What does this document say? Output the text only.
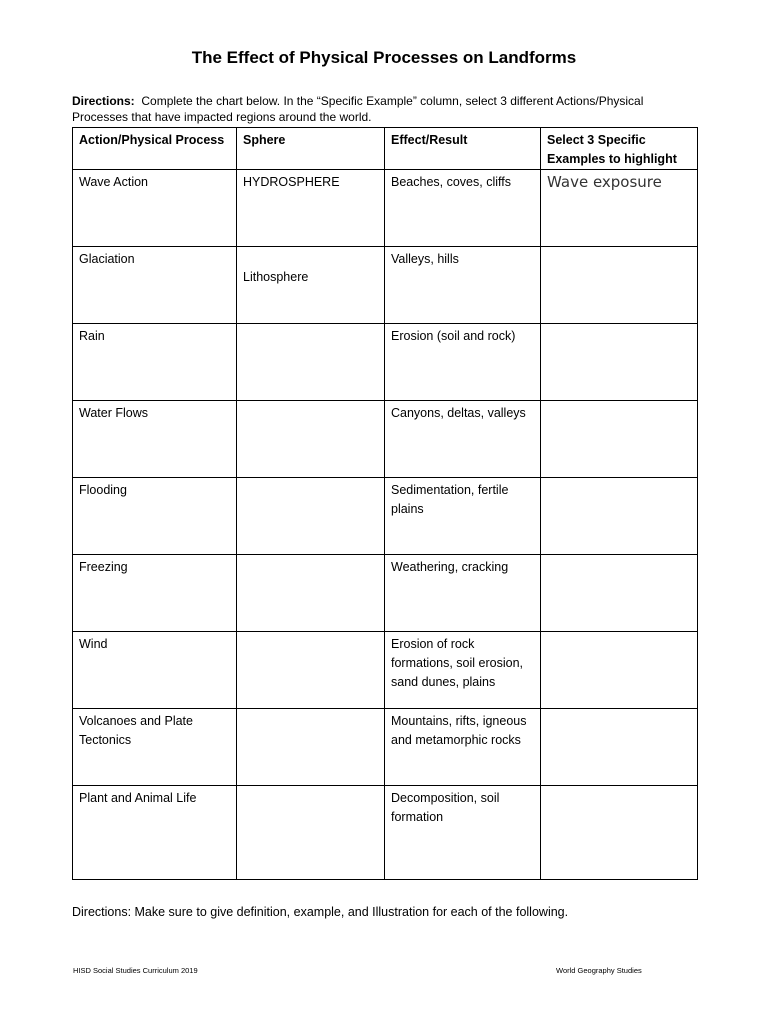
The Effect of Physical Processes on Landforms
Directions: Complete the chart below. In the “Specific Example” column, select 3 different Actions/Physical Processes that have impacted regions around the world.
Action/Physical Process	Sphere	Effect/Result	Select 3 Specific Examples to highlight
Wave Action	HYDROSPHERE	Beaches, coves, cliffs	Wave exposure
Glaciation	Lithosphere	Valleys, hills	
Rain		Erosion (soil and rock)	
Water Flows		Canyons, deltas, valleys	
Flooding		Sedimentation, fertile plains	
Freezing		Weathering, cracking	
Wind		Erosion of rock formations, soil erosion, sand dunes, plains	
Volcanoes and Plate Tectonics		Mountains, rifts, igneous and metamorphic rocks	
Plant and Animal Life		Decomposition, soil formation	
Directions: Make sure to give definition, example, and Illustration for each of the following.
HISD Social Studies Curriculum 2019	World Geography Studies
